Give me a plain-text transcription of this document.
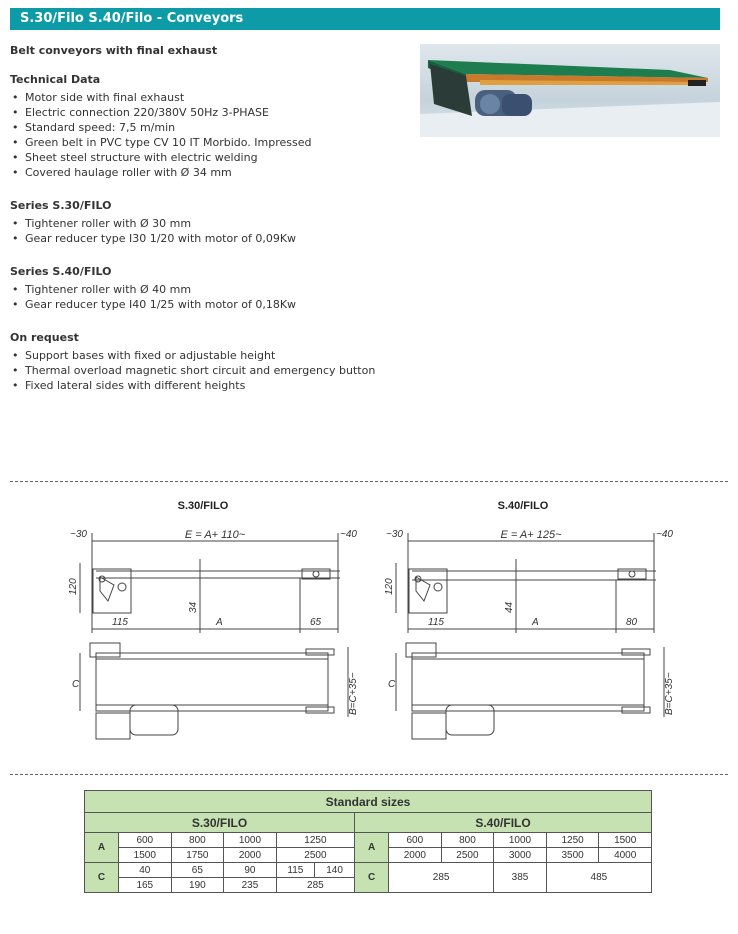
S.30/Filo S.40/Filo - Conveyors
Belt conveyors with final exhaust
Technical Data
• Motor side with final exhaust
• Electric connection 220/380V 50Hz 3-PHASE
• Standard speed: 7,5 m/min
• Green belt in PVC type CV 10 IT Morbido. Impressed
• Sheet steel structure with electric welding
• Covered haulage roller with Ø 34 mm
Series S.30/FILO
• Tightener roller with Ø 30 mm
• Gear reducer type I30 1/20 with motor of 0,09Kw
Series S.40/FILO
• Tightener roller with Ø 40 mm
• Gear reducer type I40 1/25 with motor of 0,18Kw
On request
• Support bases with fixed or adjustable height
• Thermal overload magnetic short circuit and emergency button
• Fixed lateral sides with different heights
S.30/FILO
E = A+ 110~
~30	~40
120
34
115	A	65
C	B=C+35~
S.40/FILO
E = A+ 125~
~30	~40
120
44
115	A	80
C	B=C+35~
Standard sizes											
S.30/FILO						S.40/FILO					
A	600	800	1000	1250		A	600	800	1000	1250	1500
	1500	1750	2000	2500			2000	2500	3000	3500	4000
C	40	65	90	115	140	C	285		385	485	
	165	190	235	285							
